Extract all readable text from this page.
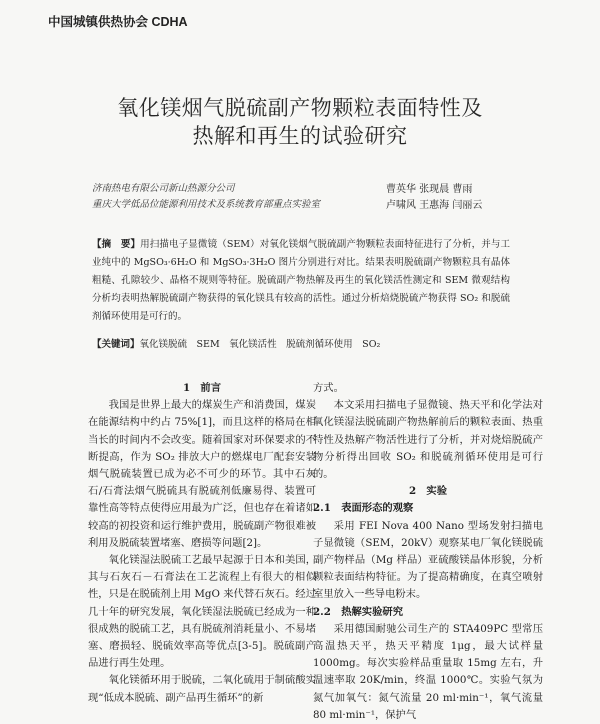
中国城镇供热协会 CDHA
氧化镁烟气脱硫副产物颗粒表面特性及
热解和再生的试验研究
济南热电有限公司新山热源分公司
重庆大学低品位能源利用技术及系统教育部重点实验室
曹英华 张现晨 曹雨
卢啸风 王惠海 闫丽云
【摘　要】用扫描电子显微镜（SEM）对氧化镁烟气脱硫副产物颗粒表面特征进行了分析，并与工业纯中的 MgSO₃·6H₂O 和 MgSO₃·3H₂O 图片分别进行对比。结果表明脱硫副产物颗粒具有晶体粗糙、孔隙较少、晶格不规则等特征。脱硫副产物热解及再生的氧化镁活性测定和 SEM 微观结构分析均表明热解脱硫副产物获得的氧化镁具有较高的活性。通过分析焙烧脱硫产物获得 SO₂ 和脱硫剂循环使用是可行的。
【关键词】氧化镁脱硫　SEM　氧化镁活性　脱硫剂循环使用　SO₂
1　前言
我国是世界上最大的煤炭生产和消费国，煤炭在能源结构中约占 75%[1]，而且这样的格局在相当长的时间内不会改变。随着国家对环保要求的不断提高，作为 SO₂ 排放大户的燃煤电厂配套安装烟气脱硫装置已成为必不可少的环节。其中石灰石/石膏法烟气脱硫具有脱硫剂低廉易得、装置可靠性高等特点使得应用最为广泛，但也存在着诸如较高的初投资和运行维护费用，脱硫副产物很难被利用及脱硫装置堵塞、磨损等问题[2]。
氧化镁湿法脱硫工艺最早起源于日本和美国，其与石灰石－石膏法在工艺流程上有很大的相似性，只是在脱硫剂上用 MgO 来代替石灰石。经过几十年的研究发展，氧化镁湿法脱硫已经成为一种很成熟的脱硫工艺，具有脱硫剂消耗量小、不易堵塞、磨损轻、脱硫效率高等优点[3-5]。脱硫副产品进行再生处理。
氧化镁循环用于脱硫，二氧化硫用于制硫酸实现“低成本脱硫、副产品再生循环”的新
方式。
本文采用扫描电子显微镜、热天平和化学法对氧化镁湿法脱硫副产物热解前后的颗粒表面、热重特性及热解产物活性进行了分析，并对烧焙脱硫产物分析得出回收 SO₂ 和脱硫剂循环使用是可行的。
2　实验
2.1　表面形态的观察
采用 FEI Nova 400 Nano 型场发射扫描电子显微镜（SEM，20kV）观察某电厂氧化镁脱硫副产物样品（Mg 样品）亚硫酸镁晶体形貌，分析颗粒表面结构特征。为了提高精确度，在真空喷射室里放入一些导电粉末。
2.2　热解实验研究
采用德国耐驰公司生产的 STA409PC 型常压高温热天平，热天平精度 1μg，最大试样量 1000mg。每次实验样品重量取 15mg 左右，升温速率取 20K/min，终温 1000℃。实验气氛为氮气加氧气：氮气流量 20 ml·min⁻¹，氧气流量 80 ml·min⁻¹，保护气
